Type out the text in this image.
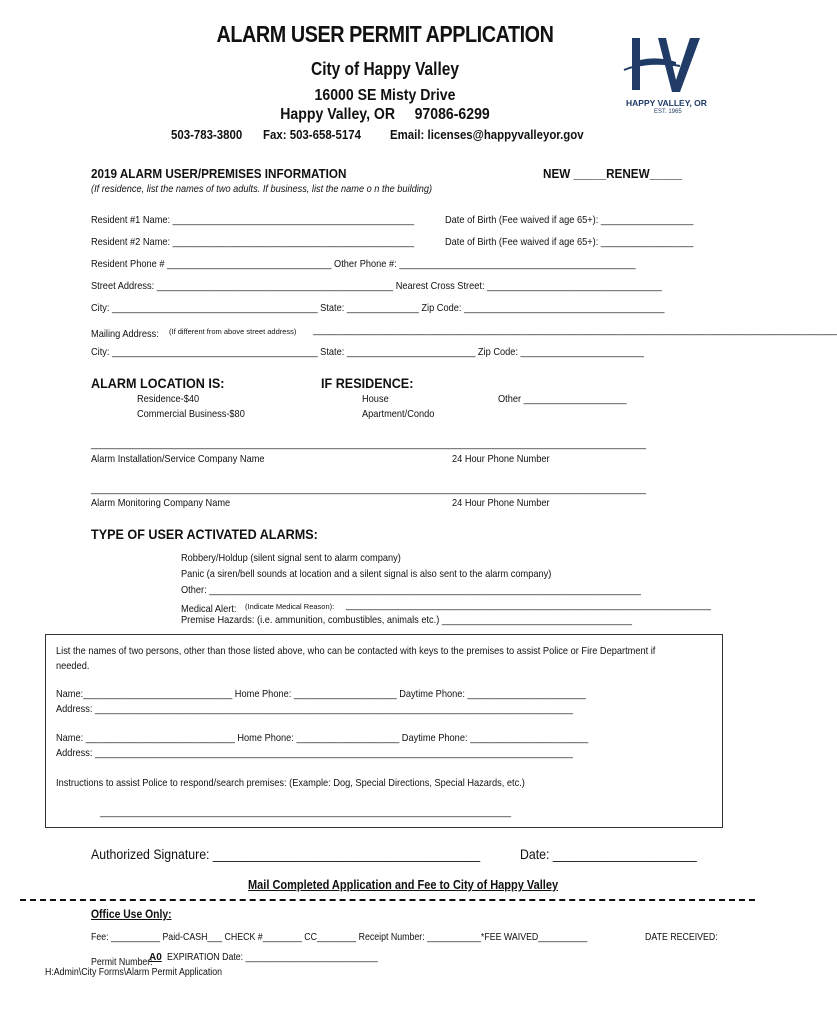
ALARM USER PERMIT APPLICATION
City of Happy Valley
16000 SE Misty Drive
Happy Valley, OR     97086-6299
503-783-3800 Fax: 503-658-5174 Email: licenses@happyvalleyor.gov
HAPPY VALLEY, OR
EST. 1965
2019 ALARM USER/PREMISES INFORMATION	NEW _____RENEW_____
(If residence, list the names of two adults. If business, list the name o n the building)
Resident #1 Name: _______________________________________________	Date of Birth (Fee waived if age 65+): __________________
Resident #2 Name: _______________________________________________	Date of Birth (Fee waived if age 65+): __________________
Resident Phone # ________________________________ Other Phone #: ______________________________________________
Street Address: ______________________________________________ Nearest Cross Street: __________________________________
City: ________________________________________ State: ______________ Zip Code: _______________________________________
Mailing Address: (If different from above street address) ______________________________________________________________________________________________________
City: ________________________________________ State: _________________________ Zip Code: ________________________
ALARM LOCATION IS:
Residence-$40
Commercial Business-$80
IF RESIDENCE:
House
Apartment/Condo
Other ____________________
____________________________________________________________________________________________________________
Alarm Installation/Service Company Name	24 Hour Phone Number
____________________________________________________________________________________________________________
Alarm Monitoring Company Name	24 Hour Phone Number
TYPE OF USER ACTIVATED ALARMS:
Robbery/Holdup (silent signal sent to alarm company)
Panic (a siren/bell sounds at location and a silent signal is also sent to the alarm company)
Other: ____________________________________________________________________________________
Medical Alert: (Indicate Medical Reason): _______________________________________________________________________
Premise Hazards: (i.e. ammunition, combustibles, animals etc.) _____________________________________
List the names of two persons, other than those listed above, who can be contacted with keys to the premises to assist Police or Fire Department if needed.
Name:_____________________________ Home Phone: ____________________ Daytime Phone: _______________________
Address: _____________________________________________________________________________________________
Name: _____________________________ Home Phone: ____________________ Daytime Phone: _______________________
Address: _____________________________________________________________________________________________
Instructions to assist Police to respond/search premises: (Example: Dog, Special Directions, Special Hazards, etc.)
________________________________________________________________________________
Authorized Signature: _______________________________________	Date: _____________________
Mail Completed Application and Fee to City of Happy Valley
Office Use Only:
Fee: __________ Paid-CASH___ CHECK #________ CC________ Receipt Number: ___________*FEE WAIVED__________	DATE RECEIVED:
Permit Number:
A0 EXPIRATION Date: ___________________________
H:Admin\City Forms\Alarm Permit Application
